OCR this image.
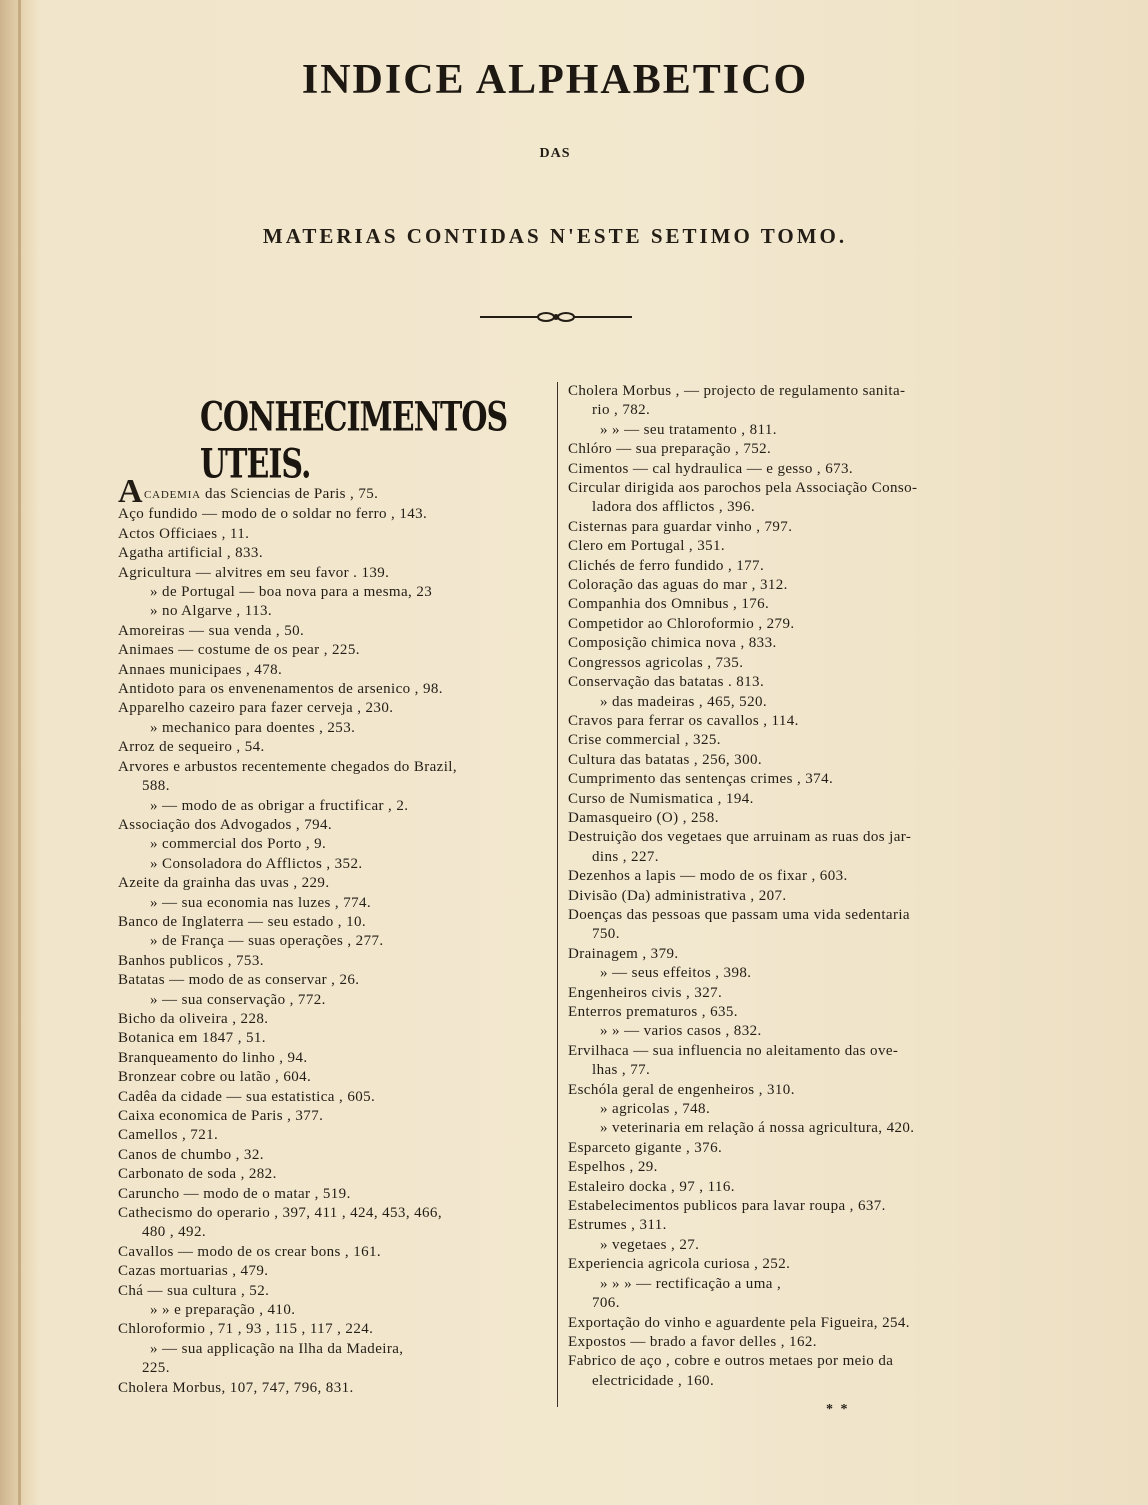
INDICE ALPHABETICO
DAS
MATERIAS CONTIDAS N'ESTE SETIMO TOMO.
CONHECIMENTOS UTEIS.
ACADEMIA das Sciencias de Paris , 75.
Aço fundido — modo de o soldar no ferro , 143.
Actos Officiaes , 11.
Agatha artificial , 833.
Agricultura — alvitres em seu favor . 139.
» de Portugal — boa nova para a mesma, 23
» no Algarve , 113.
Amoreiras — sua venda , 50.
Animaes — costume de os pear , 225.
Annaes municipaes , 478.
Antidoto para os envenenamentos de arsenico , 98.
Apparelho cazeiro para fazer cerveja , 230.
» mechanico para doentes , 253.
Arroz de sequeiro , 54.
Arvores e arbustos recentemente chegados do Brazil,
588.
» — modo de as obrigar a fructificar , 2.
Associação dos Advogados , 794.
» commercial dos Porto , 9.
» Consoladora do Afflictos , 352.
Azeite da grainha das uvas , 229.
» — sua economia nas luzes , 774.
Banco de Inglaterra — seu estado , 10.
» de França — suas operações , 277.
Banhos publicos , 753.
Batatas — modo de as conservar , 26.
» — sua conservação , 772.
Bicho da oliveira , 228.
Botanica em 1847 , 51.
Branqueamento do linho , 94.
Bronzear cobre ou latão , 604.
Cadêa da cidade — sua estatistica , 605.
Caixa economica de Paris , 377.
Camellos , 721.
Canos de chumbo , 32.
Carbonato de soda , 282.
Caruncho — modo de o matar , 519.
Cathecismo do operario , 397, 411 , 424, 453, 466,
480 , 492.
Cavallos — modo de os crear bons , 161.
Cazas mortuarias , 479.
Chá — sua cultura , 52.
» » e preparação , 410.
Chloroformio , 71 , 93 , 115 , 117 , 224.
» — sua applicação na Ilha da Madeira,
225.
Cholera Morbus, 107, 747, 796, 831.
Cholera Morbus , — projecto de regulamento sanita-
rio , 782.
» » — seu tratamento , 811.
Chlóro — sua preparação , 752.
Cimentos — cal hydraulica — e gesso , 673.
Circular dirigida aos parochos pela Associação Conso-
ladora dos afflictos , 396.
Cisternas para guardar vinho , 797.
Clero em Portugal , 351.
Clichés de ferro fundido , 177.
Coloração das aguas do mar , 312.
Companhia dos Omnibus , 176.
Competidor ao Chloroformio , 279.
Composição chimica nova , 833.
Congressos agricolas , 735.
Conservação das batatas . 813.
» das madeiras , 465, 520.
Cravos para ferrar os cavallos , 114.
Crise commercial , 325.
Cultura das batatas , 256, 300.
Cumprimento das sentenças crimes , 374.
Curso de Numismatica , 194.
Damasqueiro (O) , 258.
Destruição dos vegetaes que arruinam as ruas dos jar-
dins , 227.
Dezenhos a lapis — modo de os fixar , 603.
Divisão (Da) administrativa , 207.
Doenças das pessoas que passam uma vida sedentaria
750.
Drainagem , 379.
» — seus effeitos , 398.
Engenheiros civis , 327.
Enterros prematuros , 635.
» » — varios casos , 832.
Ervilhaca — sua influencia no aleitamento das ove-
lhas , 77.
Eschóla geral de engenheiros , 310.
» agricolas , 748.
» veterinaria em relação á nossa agricultura, 420.
Esparceto gigante , 376.
Espelhos , 29.
Estaleiro docka , 97 , 116.
Estabelecimentos publicos para lavar roupa , 637.
Estrumes , 311.
» vegetaes , 27.
Experiencia agricola curiosa , 252.
» » » — rectificação a uma ,
706.
Exportação do vinho e aguardente pela Figueira, 254.
Expostos — brado a favor delles , 162.
Fabrico de aço , cobre e outros metaes por meio da
electricidade , 160.
* *
